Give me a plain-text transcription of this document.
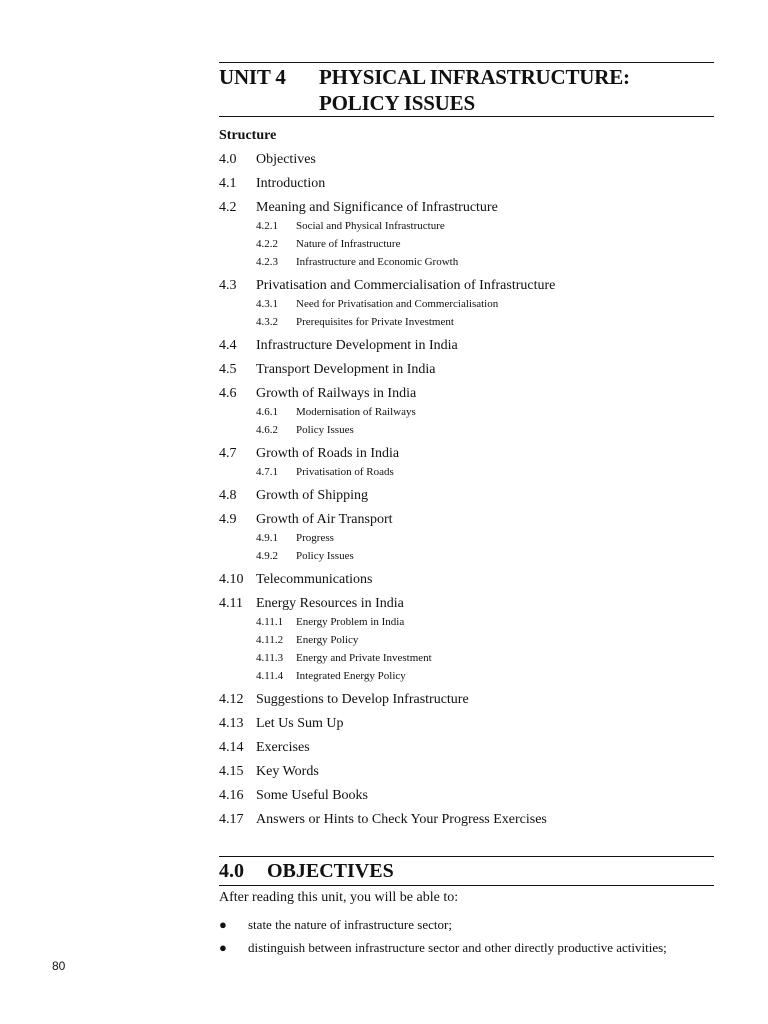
UNIT 4 PHYSICAL INFRASTRUCTURE:
POLICY ISSUES
Structure
4.0	Objectives
4.1	Introduction
4.2	Meaning and Significance of Infrastructure
4.2.1	Social and Physical Infrastructure
4.2.2	Nature of Infrastructure
4.2.3	Infrastructure and Economic Growth
4.3	Privatisation and Commercialisation of Infrastructure
4.3.1	Need for Privatisation and Commercialisation
4.3.2	Prerequisites for Private Investment
4.4	Infrastructure Development in India
4.5	Transport Development in India
4.6	Growth of Railways in India
4.6.1	Modernisation of Railways
4.6.2	Policy Issues
4.7	Growth of Roads in India
4.7.1	Privatisation of Roads
4.8	Growth of Shipping
4.9	Growth of Air Transport
4.9.1	Progress
4.9.2	Policy Issues
4.10 Telecommunications
4.11 Energy Resources in India
4.11.1	Energy Problem in India
4.11.2	Energy Policy
4.11.3	Energy and Private Investment
4.11.4	Integrated Energy Policy
4.12 Suggestions to Develop Infrastructure
4.13 Let Us Sum Up
4.14 Exercises
4.15 Key Words
4.16 Some Useful Books
4.17 Answers or Hints to Check Your Progress Exercises
4.0	OBJECTIVES
After reading this unit, you will be able to:
●	state the nature of infrastructure sector;
●	distinguish between infrastructure sector and other directly productive activities;
80
